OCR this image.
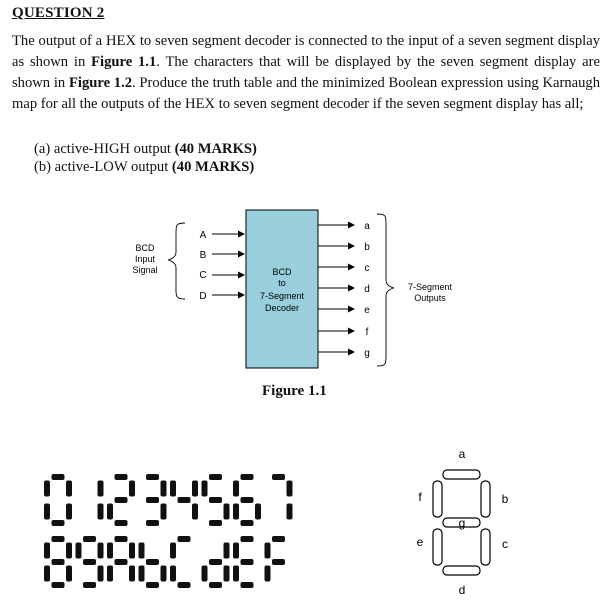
QUESTION 2

The output of a HEX to seven segment decoder is connected to the input of a seven segment display as shown in Figure 1.1. The characters that will be displayed by the seven segment display are shown in Figure 1.2. Produce the truth table and the minimized Boolean expression using Karnaugh map for all the outputs of the HEX to seven segment decoder if the seven segment display has all;

(a) active-HIGH output (40 MARKS)
(b) active-LOW output (40 MARKS)
BCD
Input
Signal
A
B
C
D
BCD
to
7-Segment
Decoder
a
b
c
d
e
f
g
7-Segment
Outputs
Figure 1.1
a
b
c
d
e
f
g
